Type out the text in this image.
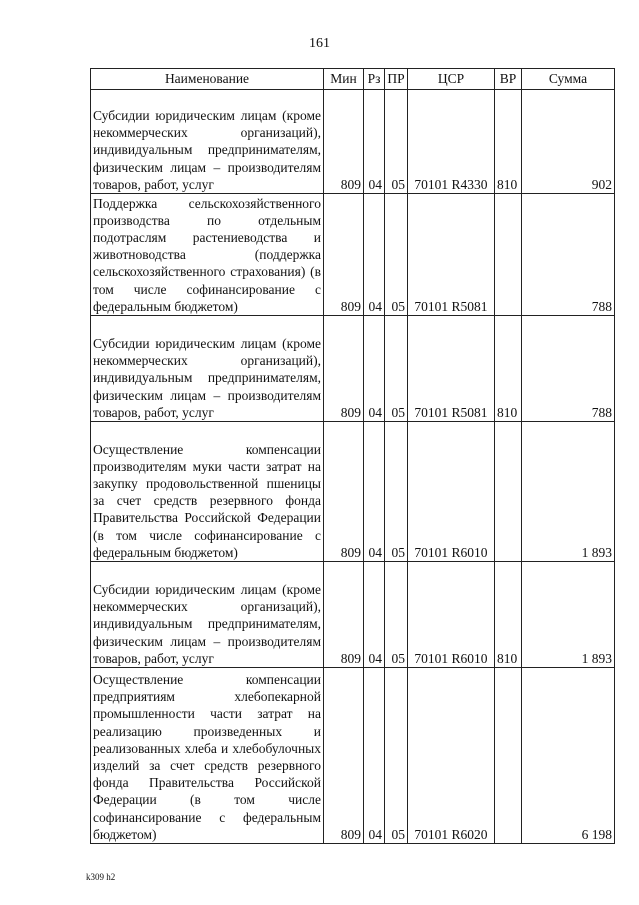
161
Наименование	Мин	Рз	ПР	ЦСР	ВР	Сумма
Субсидии юридическим лицам (кроме некоммерческих организаций), индивидуальным предпринимателям, физическим лицам – производителям товаров, работ, услуг	809	04	05	70101 R4330	810	902
Поддержка сельскохозяйственного производства по отдельным подотраслям растениеводства и животноводства (поддержка сельскохозяйственного страхования) (в том числе софинансирование с федеральным бюджетом)	809	04	05	70101 R5081		788
Субсидии юридическим лицам (кроме некоммерческих организаций), индивидуальным предпринимателям, физическим лицам – производителям товаров, работ, услуг	809	04	05	70101 R5081	810	788
Осуществление компенсации производителям муки части затрат на закупку продовольственной пшеницы за счет средств резервного фонда Правительства Российской Федерации (в том числе софинансирование с федеральным бюджетом)	809	04	05	70101 R6010		1 893
Субсидии юридическим лицам (кроме некоммерческих организаций), индивидуальным предпринимателям, физическим лицам – производителям товаров, работ, услуг	809	04	05	70101 R6010	810	1 893
Осуществление компенсации предприятиям хлебопекарной промышленности части затрат на реализацию произведенных и реализованных хлеба и хлебобулочных изделий за счет средств резервного фонда Правительства Российской Федерации (в том числе софинансирование с федеральным бюджетом)	809	04	05	70101 R6020		6 198
k309 h2
